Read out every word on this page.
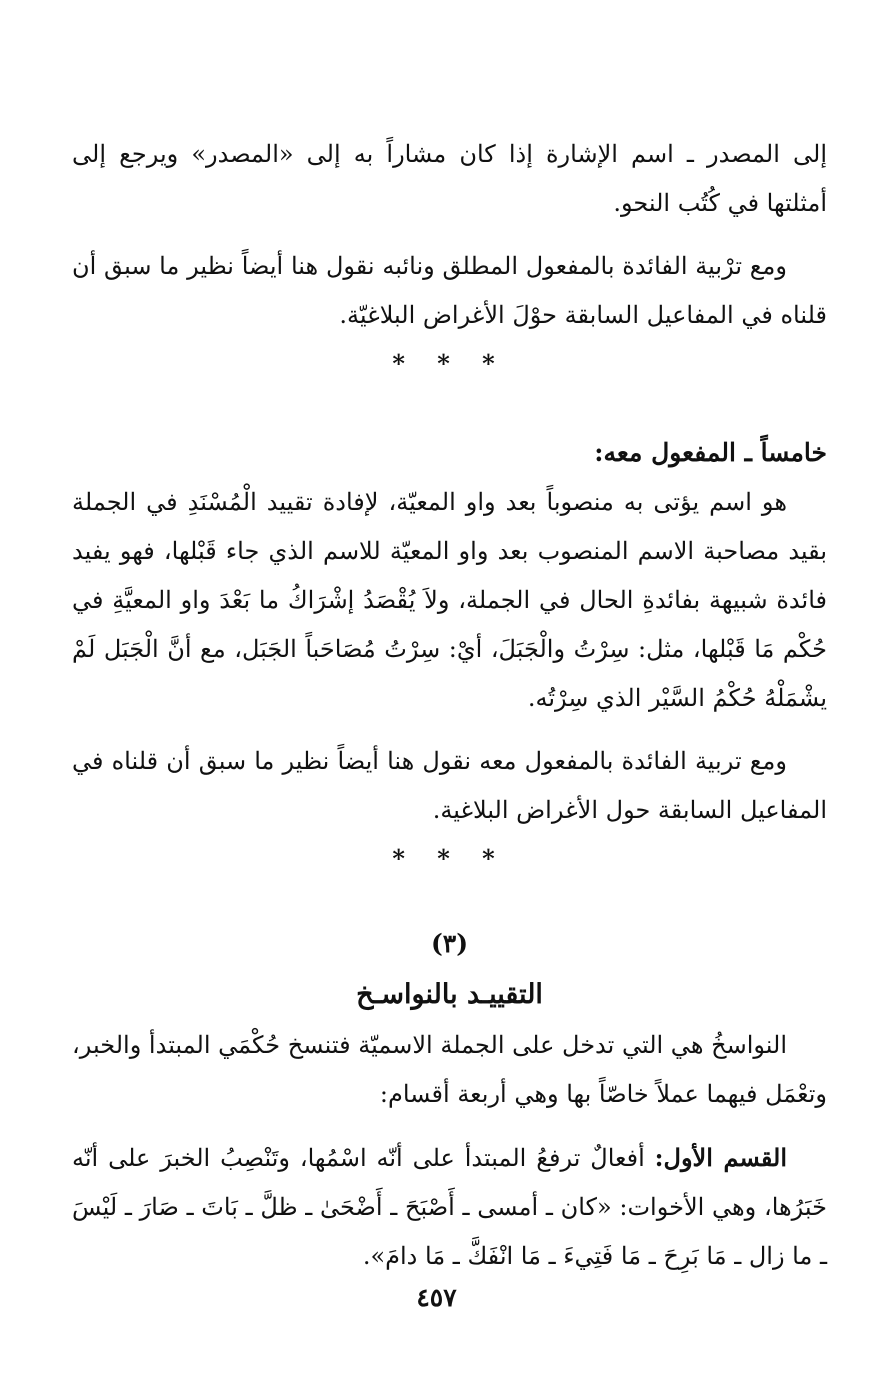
إلى المصدر ـ اسم الإشارة إذا كان مشاراً به إلى «المصدر» ويرجع إلى أمثلتها في كُتُب النحو.

ومع ترْبية الفائدة بالمفعول المطلق ونائبه نقول هنا أيضاً نظير ما سبق أن قلناه في المفاعيل السابقة حوْلَ الأغراض البلاغيّة.

* * *
خامساً ـ المفعول معه:

هو اسم يؤتى به منصوباً بعد واو المعيّة، لإفادة تقييد الْمُسْنَدِ في الجملة بقيد مصاحبة الاسم المنصوب بعد واو المعيّة للاسم الذي جاء قَبْلها، فهو يفيد فائدة شبيهة بفائدةِ الحال في الجملة، ولاَ يُقْصَدُ إشْرَاكُ ما بَعْدَ واو المعيَّةِ في حُكْم مَا قَبْلها، مثل: سِرْتُ والْجَبَلَ، أيْ: سِرْتُ مُصَاحَباً الجَبَل، مع أنَّ الْجَبَل لَمْ يشْمَلْهُ حُكْمُ السَّيْر الذي سِرْتُه.

ومع تربية الفائدة بالمفعول معه نقول هنا أيضاً نظير ما سبق أن قلناه في المفاعيل السابقة حول الأغراض البلاغية.

* * *
(٣)
التقييـد بالنواسـخ

النواسخُ هي التي تدخل على الجملة الاسميّة فتنسخ حُكْمَي المبتدأ والخبر، وتعْمَل فيهما عملاً خاصّاً بها وهي أربعة أقسام:

القسم الأول: أفعالٌ ترفعُ المبتدأ على أنّه اسْمُها، وتَنْصِبُ الخبرَ على أنّه خَبَرُها، وهي الأخوات: «كان ـ أمسى ـ أَصْبَحَ ـ أَضْحَىٰ ـ ظلَّ ـ بَاتَ ـ صَارَ ـ لَيْسَ ـ ما زال ـ مَا بَرِحَ ـ مَا فَتِيءَ ـ مَا انْفَكَّ ـ مَا دامَ».

٤٥٧
